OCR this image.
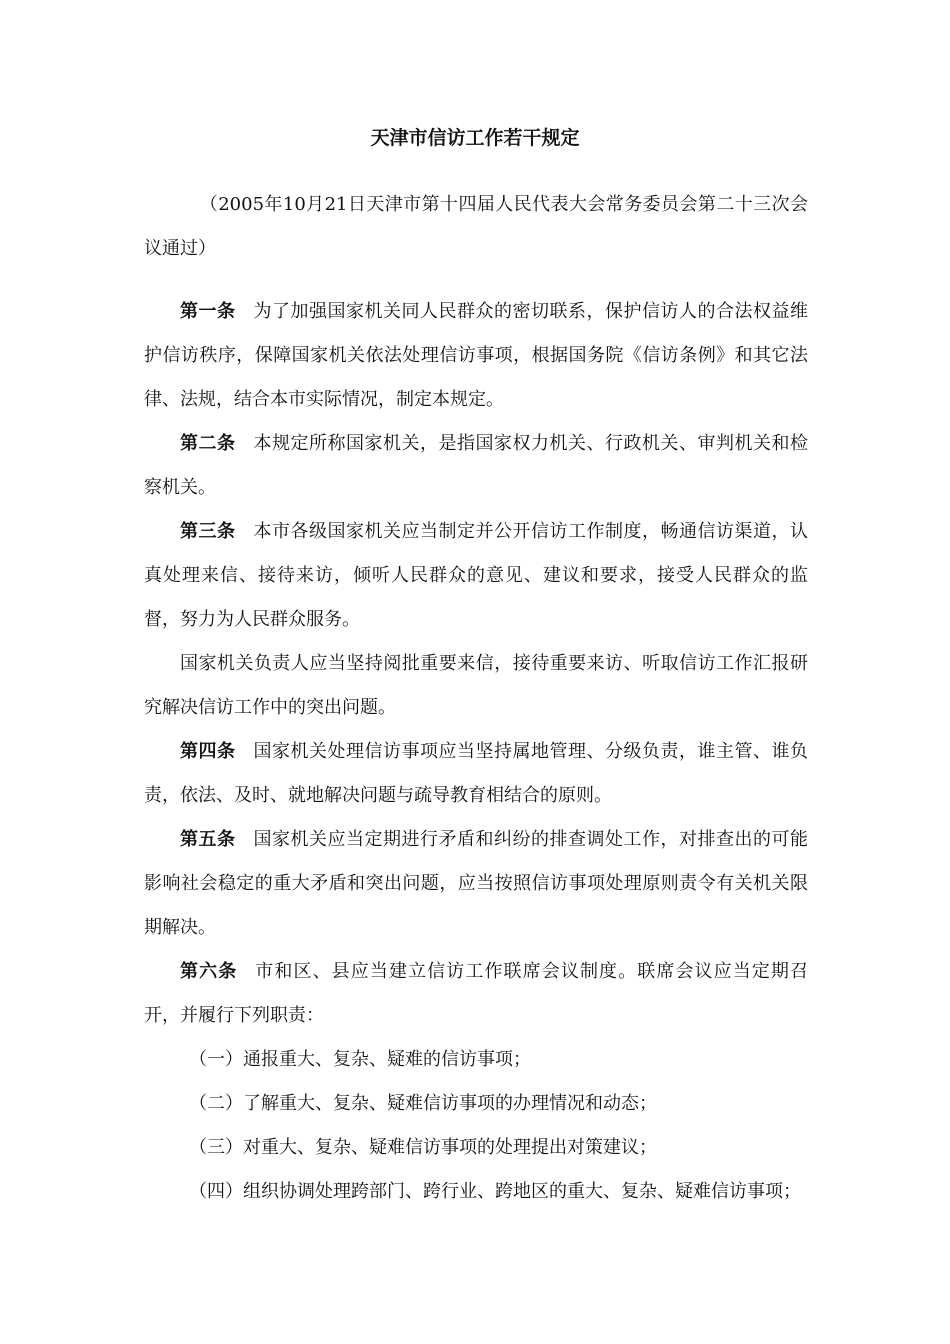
天津市信访工作若干规定

（2005年10月21日天津市第十四届人民代表大会常务委员会第二十三次会议通过）

第一条 为了加强国家机关同人民群众的密切联系，保护信访人的合法权益维护信访秩序，保障国家机关依法处理信访事项，根据国务院《信访条例》和其它法律、法规，结合本市实际情况，制定本规定。

第二条 本规定所称国家机关，是指国家权力机关、行政机关、审判机关和检察机关。

第三条 本市各级国家机关应当制定并公开信访工作制度，畅通信访渠道，认真处理来信、接待来访，倾听人民群众的意见、建议和要求，接受人民群众的监督，努力为人民群众服务。

国家机关负责人应当坚持阅批重要来信，接待重要来访、听取信访工作汇报研究解决信访工作中的突出问题。

第四条 国家机关处理信访事项应当坚持属地管理、分级负责，谁主管、谁负责，依法、及时、就地解决问题与疏导教育相结合的原则。

第五条 国家机关应当定期进行矛盾和纠纷的排查调处工作，对排查出的可能影响社会稳定的重大矛盾和突出问题，应当按照信访事项处理原则责令有关机关限期解决。

第六条 市和区、县应当建立信访工作联席会议制度。联席会议应当定期召开，并履行下列职责：

（一）通报重大、复杂、疑难的信访事项；

（二）了解重大、复杂、疑难信访事项的办理情况和动态；

（三）对重大、复杂、疑难信访事项的处理提出对策建议；

（四）组织协调处理跨部门、跨行业、跨地区的重大、复杂、疑难信访事项；
